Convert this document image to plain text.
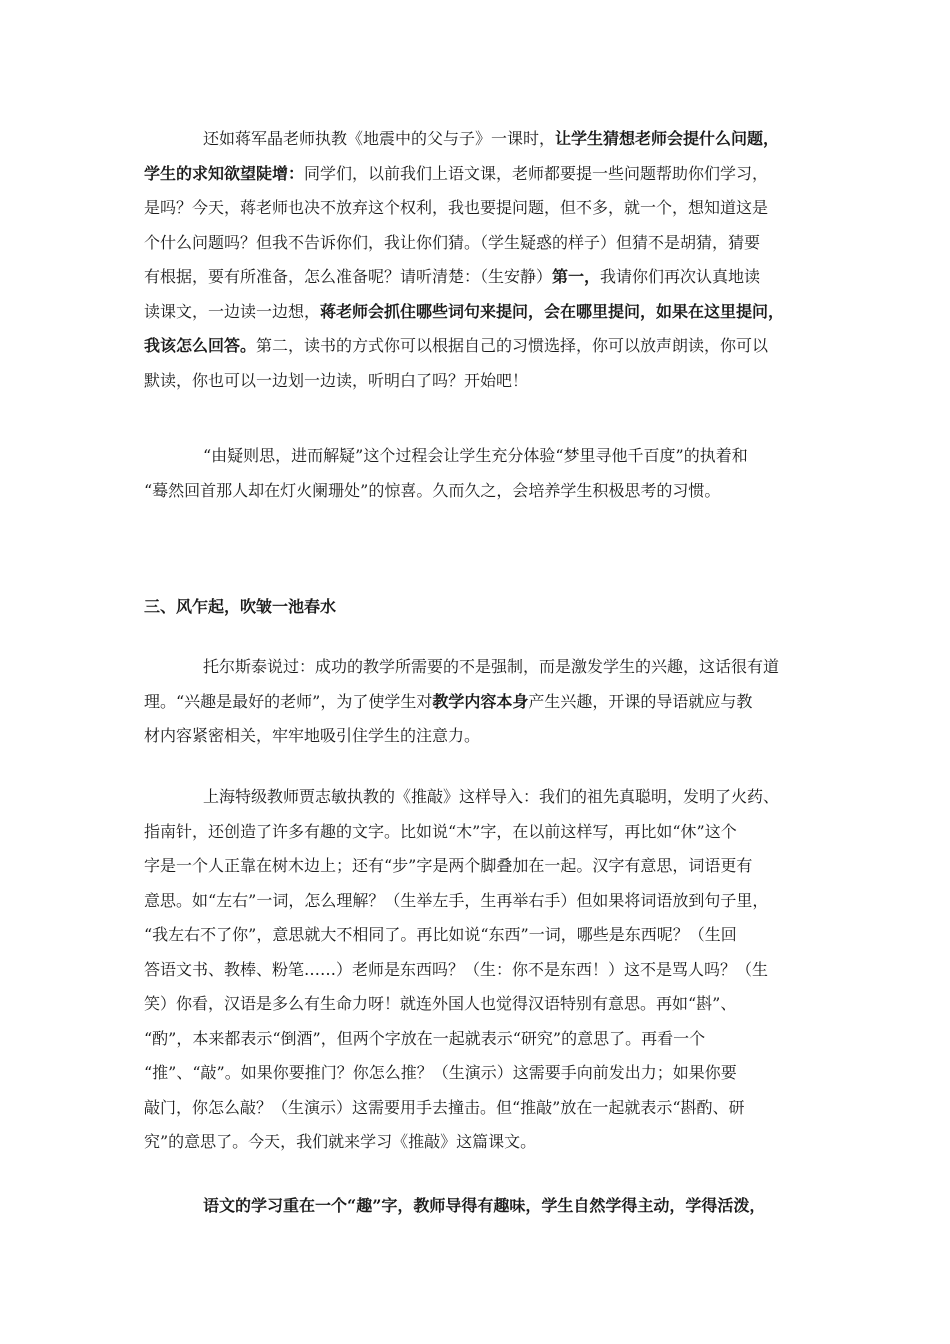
还如蒋军晶老师执教《地震中的父与子》一课时，让学生猜想老师会提什么问题，
学生的求知欲望陡增：同学们，以前我们上语文课，老师都要提一些问题帮助你们学习，
是吗？今天，蒋老师也决不放弃这个权利，我也要提问题，但不多，就一个，想知道这是
个什么问题吗？但我不告诉你们，我让你们猜。（学生疑惑的样子）但猜不是胡猜，猜要
有根据，要有所准备，怎么准备呢？请听清楚：（生安静）第一，我请你们再次认真地读
读课文，一边读一边想，蒋老师会抓住哪些词句来提问，会在哪里提问，如果在这里提问，
我该怎么回答。第二，读书的方式你可以根据自己的习惯选择，你可以放声朗读，你可以
默读，你也可以一边划一边读，听明白了吗？开始吧！

“由疑则思，进而解疑”这个过程会让学生充分体验“梦里寻他千百度”的执着和
“蓦然回首那人却在灯火阑珊处”的惊喜。久而久之，会培养学生积极思考的习惯。

三、风乍起，吹皱一池春水

托尔斯泰说过：成功的教学所需要的不是强制，而是激发学生的兴趣，这话很有道
理。“兴趣是最好的老师”，为了使学生对教学内容本身产生兴趣，开课的导语就应与教
材内容紧密相关，牢牢地吸引住学生的注意力。

上海特级教师贾志敏执教的《推敲》这样导入：我们的祖先真聪明，发明了火药、
指南针，还创造了许多有趣的文字。比如说“木”字，在以前这样写，再比如“休”这个
字是一个人正靠在树木边上；还有“步”字是两个脚叠加在一起。汉字有意思，词语更有
意思。如“左右”一词，怎么理解？（生举左手，生再举右手）但如果将词语放到句子里，
“我左右不了你”，意思就大不相同了。再比如说“东西”一词，哪些是东西呢？（生回
答语文书、教棒、粉笔……）老师是东西吗？（生：你不是东西！）这不是骂人吗？（生
笑）你看，汉语是多么有生命力呀！就连外国人也觉得汉语特别有意思。再如“斟”、
“酌”，本来都表示“倒酒”，但两个字放在一起就表示“研究”的意思了。再看一个
“推”、“敲”。如果你要推门？你怎么推？（生演示）这需要手向前发出力；如果你要
敲门，你怎么敲？（生演示）这需要用手去撞击。但“推敲”放在一起就表示“斟酌、研
究”的意思了。今天，我们就来学习《推敲》这篇课文。

语文的学习重在一个“趣”字，教师导得有趣味，学生自然学得主动，学得活泼，
